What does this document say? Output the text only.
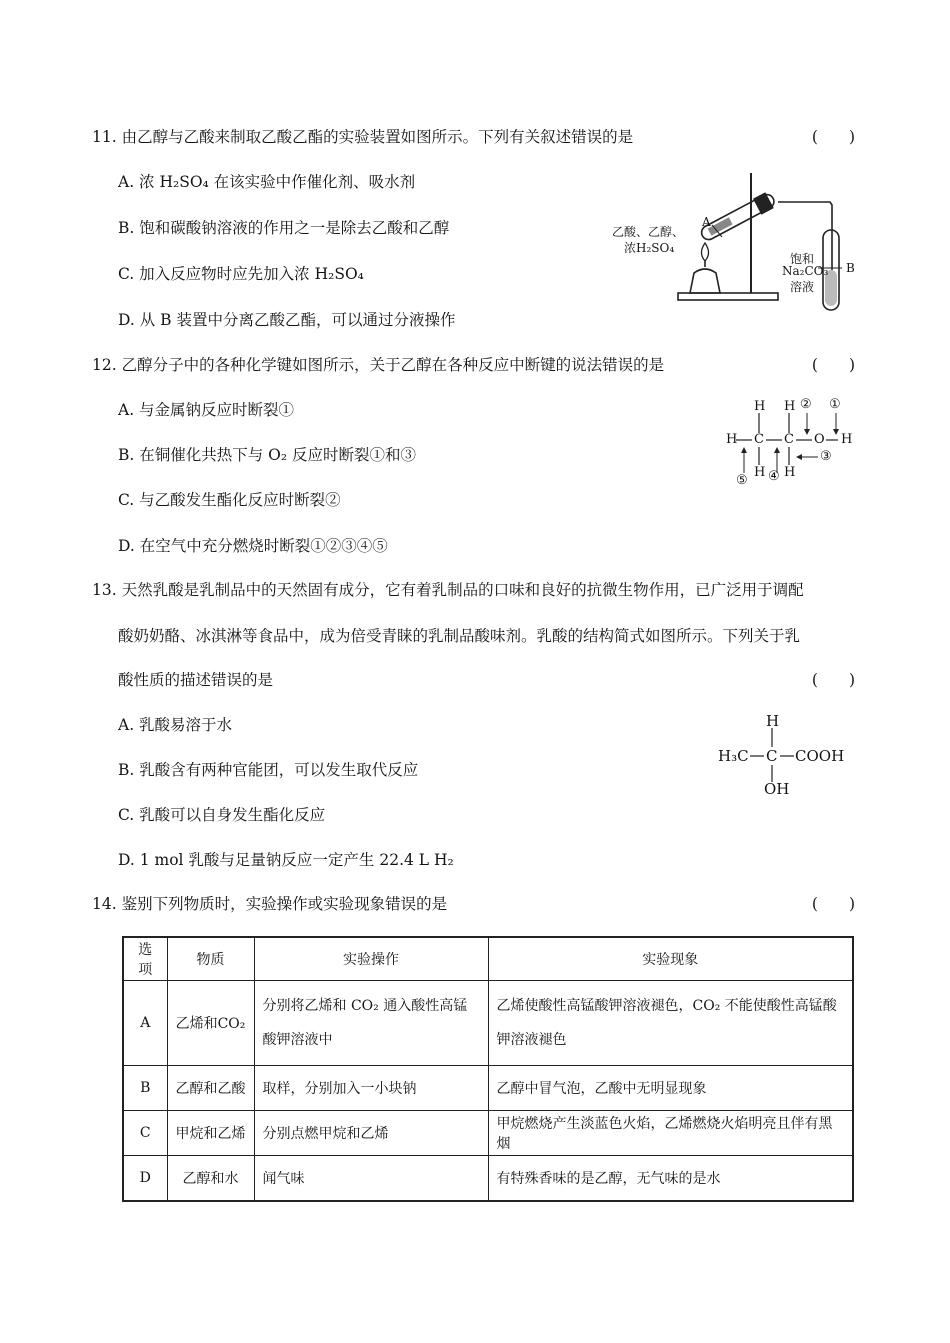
11. 由乙醇与乙酸来制取乙酸乙酯的实验装置如图所示。下列有关叙述错误的是	(　　)
A. 浓 H₂SO₄ 在该实验中作催化剂、吸水剂
B. 饱和碳酸钠溶液的作用之一是除去乙酸和乙醇
C. 加入反应物时应先加入浓 H₂SO₄
D. 从 B 装置中分离乙酸乙酯，可以通过分液操作
乙酸、乙醇、
浓H₂SO₄
A
饱和
Na₂CO₃
溶液
B
12. 乙醇分子中的各种化学键如图所示，关于乙醇在各种反应中断键的说法错误的是	(　　)
A. 与金属钠反应时断裂①
B. 在铜催化共热下与 O₂ 反应时断裂①和③
C. 与乙酸发生酯化反应时断裂②
D. 在空气中充分燃烧时断裂①②③④⑤
H C C O H
H
H
H
H
② ①
③
④
⑤
13. 天然乳酸是乳制品中的天然固有成分，它有着乳制品的口味和良好的抗微生物作用，已广泛用于调配
酸奶奶酪、冰淇淋等食品中，成为倍受青睐的乳制品酸味剂。乳酸的结构简式如图所示。下列关于乳
酸性质的描述错误的是	(　　)
A. 乳酸易溶于水
B. 乳酸含有两种官能团，可以发生取代反应
C. 乳酸可以自身发生酯化反应
D. 1 mol 乳酸与足量钠反应一定产生 22.4 L H₂
H
H₃C C COOH
OH
14. 鉴别下列物质时，实验操作或实验现象错误的是	(　　)
选项	物质	实验操作	实验现象
A	乙烯和CO₂	分别将乙烯和 CO₂ 通入酸性高锰酸钾溶液中	乙烯使酸性高锰酸钾溶液褪色，CO₂ 不能使酸性高锰酸钾溶液褪色
B	乙醇和乙酸	取样，分别加入一小块钠	乙醇中冒气泡，乙酸中无明显现象
C	甲烷和乙烯	分别点燃甲烷和乙烯	甲烷燃烧产生淡蓝色火焰，乙烯燃烧火焰明亮且伴有黑烟
D	乙醇和水	闻气味	有特殊香味的是乙醇，无气味的是水
